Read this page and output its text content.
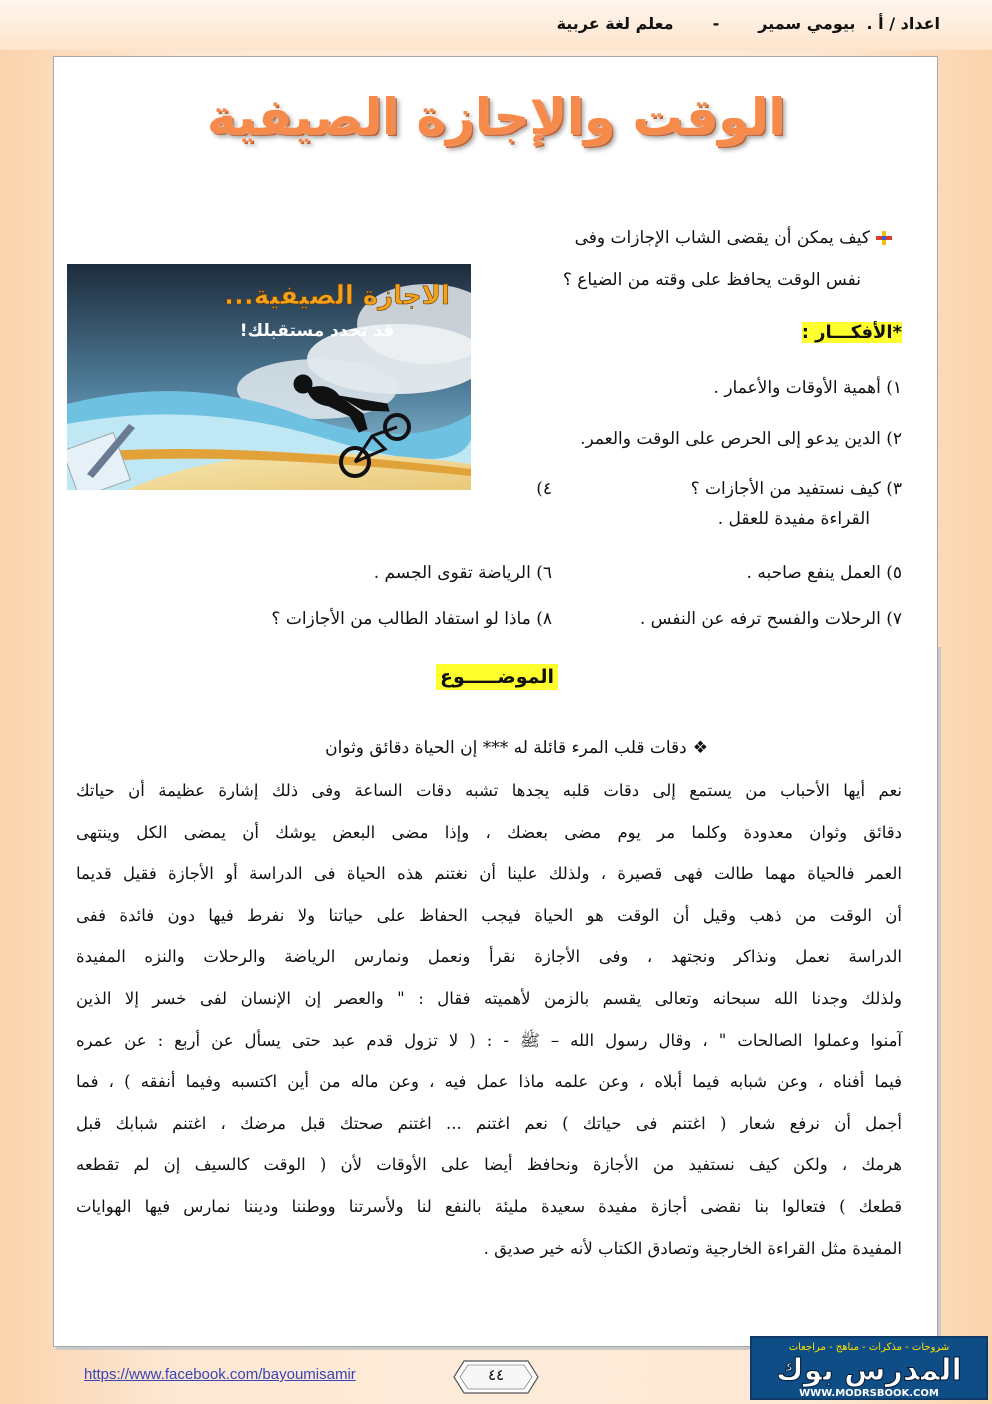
اعداد / أ .  بيومي سمير       -       معلم لغة عربية
الوقت والإجازة الصيفية
كيف يمكن أن يقضى الشاب الإجازات وفى
نفس الوقت يحافظ على وقته من الضياع ؟
*الأفكـــار :
١) أهمية الأوقات والأعمار .
٢) الدين يدعو إلى الحرص على الوقت والعمر.
٣) كيف نستفيد من الأجازات ؟
٤)
القراءة مفيدة للعقل .
٥) العمل ينفع صاحبه .
٦) الرياضة تقوى الجسم .
٧) الرحلات والفسح ترفه عن النفس .
٨) ماذا لو استفاد الطالب من الأجازات ؟
الموضـــــوع
❖دقات قلب المرء قائلة له *** إن الحياة دقائق وثوان
نعم أيها الأحباب من يستمع إلى دقات قلبه يجدها تشبه دقات الساعة وفى ذلك إشارة عظيمة أن حياتك
دقائق وثوان معدودة وكلما مر يوم مضى بعضك ، وإذا مضى البعض يوشك أن يمضى الكل وينتهى
العمر فالحياة مهما طالت فهى قصيرة ، ولذلك علينا أن نغتنم هذه الحياة فى الدراسة أو الأجازة فقيل قديما
أن الوقت من ذهب وقيل أن الوقت هو الحياة فيجب الحفاظ على حياتنا ولا نفرط فيها دون فائدة ففى
الدراسة نعمل ونذاكر ونجتهد ، وفى الأجازة نقرأ ونعمل ونمارس الرياضة والرحلات والنزه المفيدة
ولذلك وجدنا الله سبحانه وتعالى يقسم بالزمن لأهميته فقال : " والعصر إن الإنسان لفى خسر إلا الذين
آمنوا وعملوا الصالحات " ، وقال رسول الله – ﷺ - : ( لا تزول قدم عبد حتى يسأل عن أربع : عن عمره
فيما أفناه ، وعن شبابه فيما أبلاه ، وعن علمه ماذا عمل فيه ، وعن ماله من أين اكتسبه وفيما أنفقه ) ، فما
أجمل أن نرفع شعار ( اغتنم فى حياتك ) نعم اغتنم ... اغتنم صحتك قبل مرضك ، اغتنم شبابك قبل
هرمك ، ولكن كيف نستفيد من الأجازة ونحافظ أيضا على الأوقات لأن ( الوقت كالسيف إن لم تقطعه
قطعك ) فتعالوا بنا نقضى أجازة مفيدة سعيدة مليئة بالنفع لنا ولأسرتنا ووطننا وديننا نمارس فيها الهوايات
المفيدة مثل القراءة الخارجية وتصادق الكتاب لأنه خير صديق .
الاجازة الصيفية...
قد تحدد مستقبلك!
https://www.facebook.com/bayoumisamir	٤٤
شروحات - مذكرات - مناهج - مراجعات
المدرس بوك
WWW.MODRSBOOK.COM
